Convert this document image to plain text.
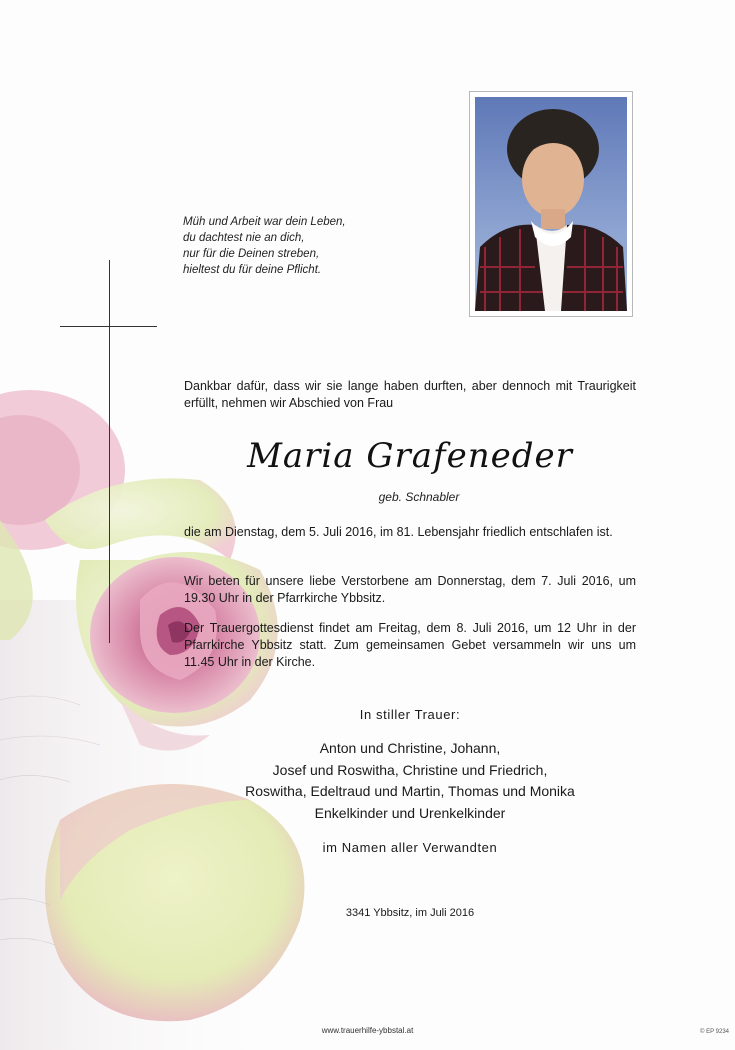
Müh und Arbeit war dein Leben,
du dachtest nie an dich,
nur für die Deinen streben,
hieltest du für deine Pflicht.
Dankbar dafür, dass wir sie lange haben durften, aber dennoch mit Traurigkeit erfüllt, nehmen wir Abschied von Frau
Maria Grafeneder
geb. Schnabler
die am Dienstag, dem 5. Juli 2016, im 81. Lebensjahr friedlich entschlafen ist.
Wir beten für unsere liebe Verstorbene am Donnerstag, dem 7. Juli 2016, um 19.30 Uhr in der Pfarrkirche Ybbsitz.
Der Trauergottesdienst findet am Freitag, dem 8. Juli 2016, um 12 Uhr in der Pfarrkirche Ybbsitz statt. Zum gemeinsamen Gebet versammeln wir uns um 11.45 Uhr in der Kirche.
In stiller Trauer:
Anton und Christine, Johann,
Josef und Roswitha, Christine und Friedrich,
Roswitha, Edeltraud und Martin, Thomas und Monika
Enkelkinder und Urenkelkinder
im Namen aller Verwandten
3341 Ybbsitz, im Juli 2016
www.trauerhilfe-ybbstal.at	© EP 9234
